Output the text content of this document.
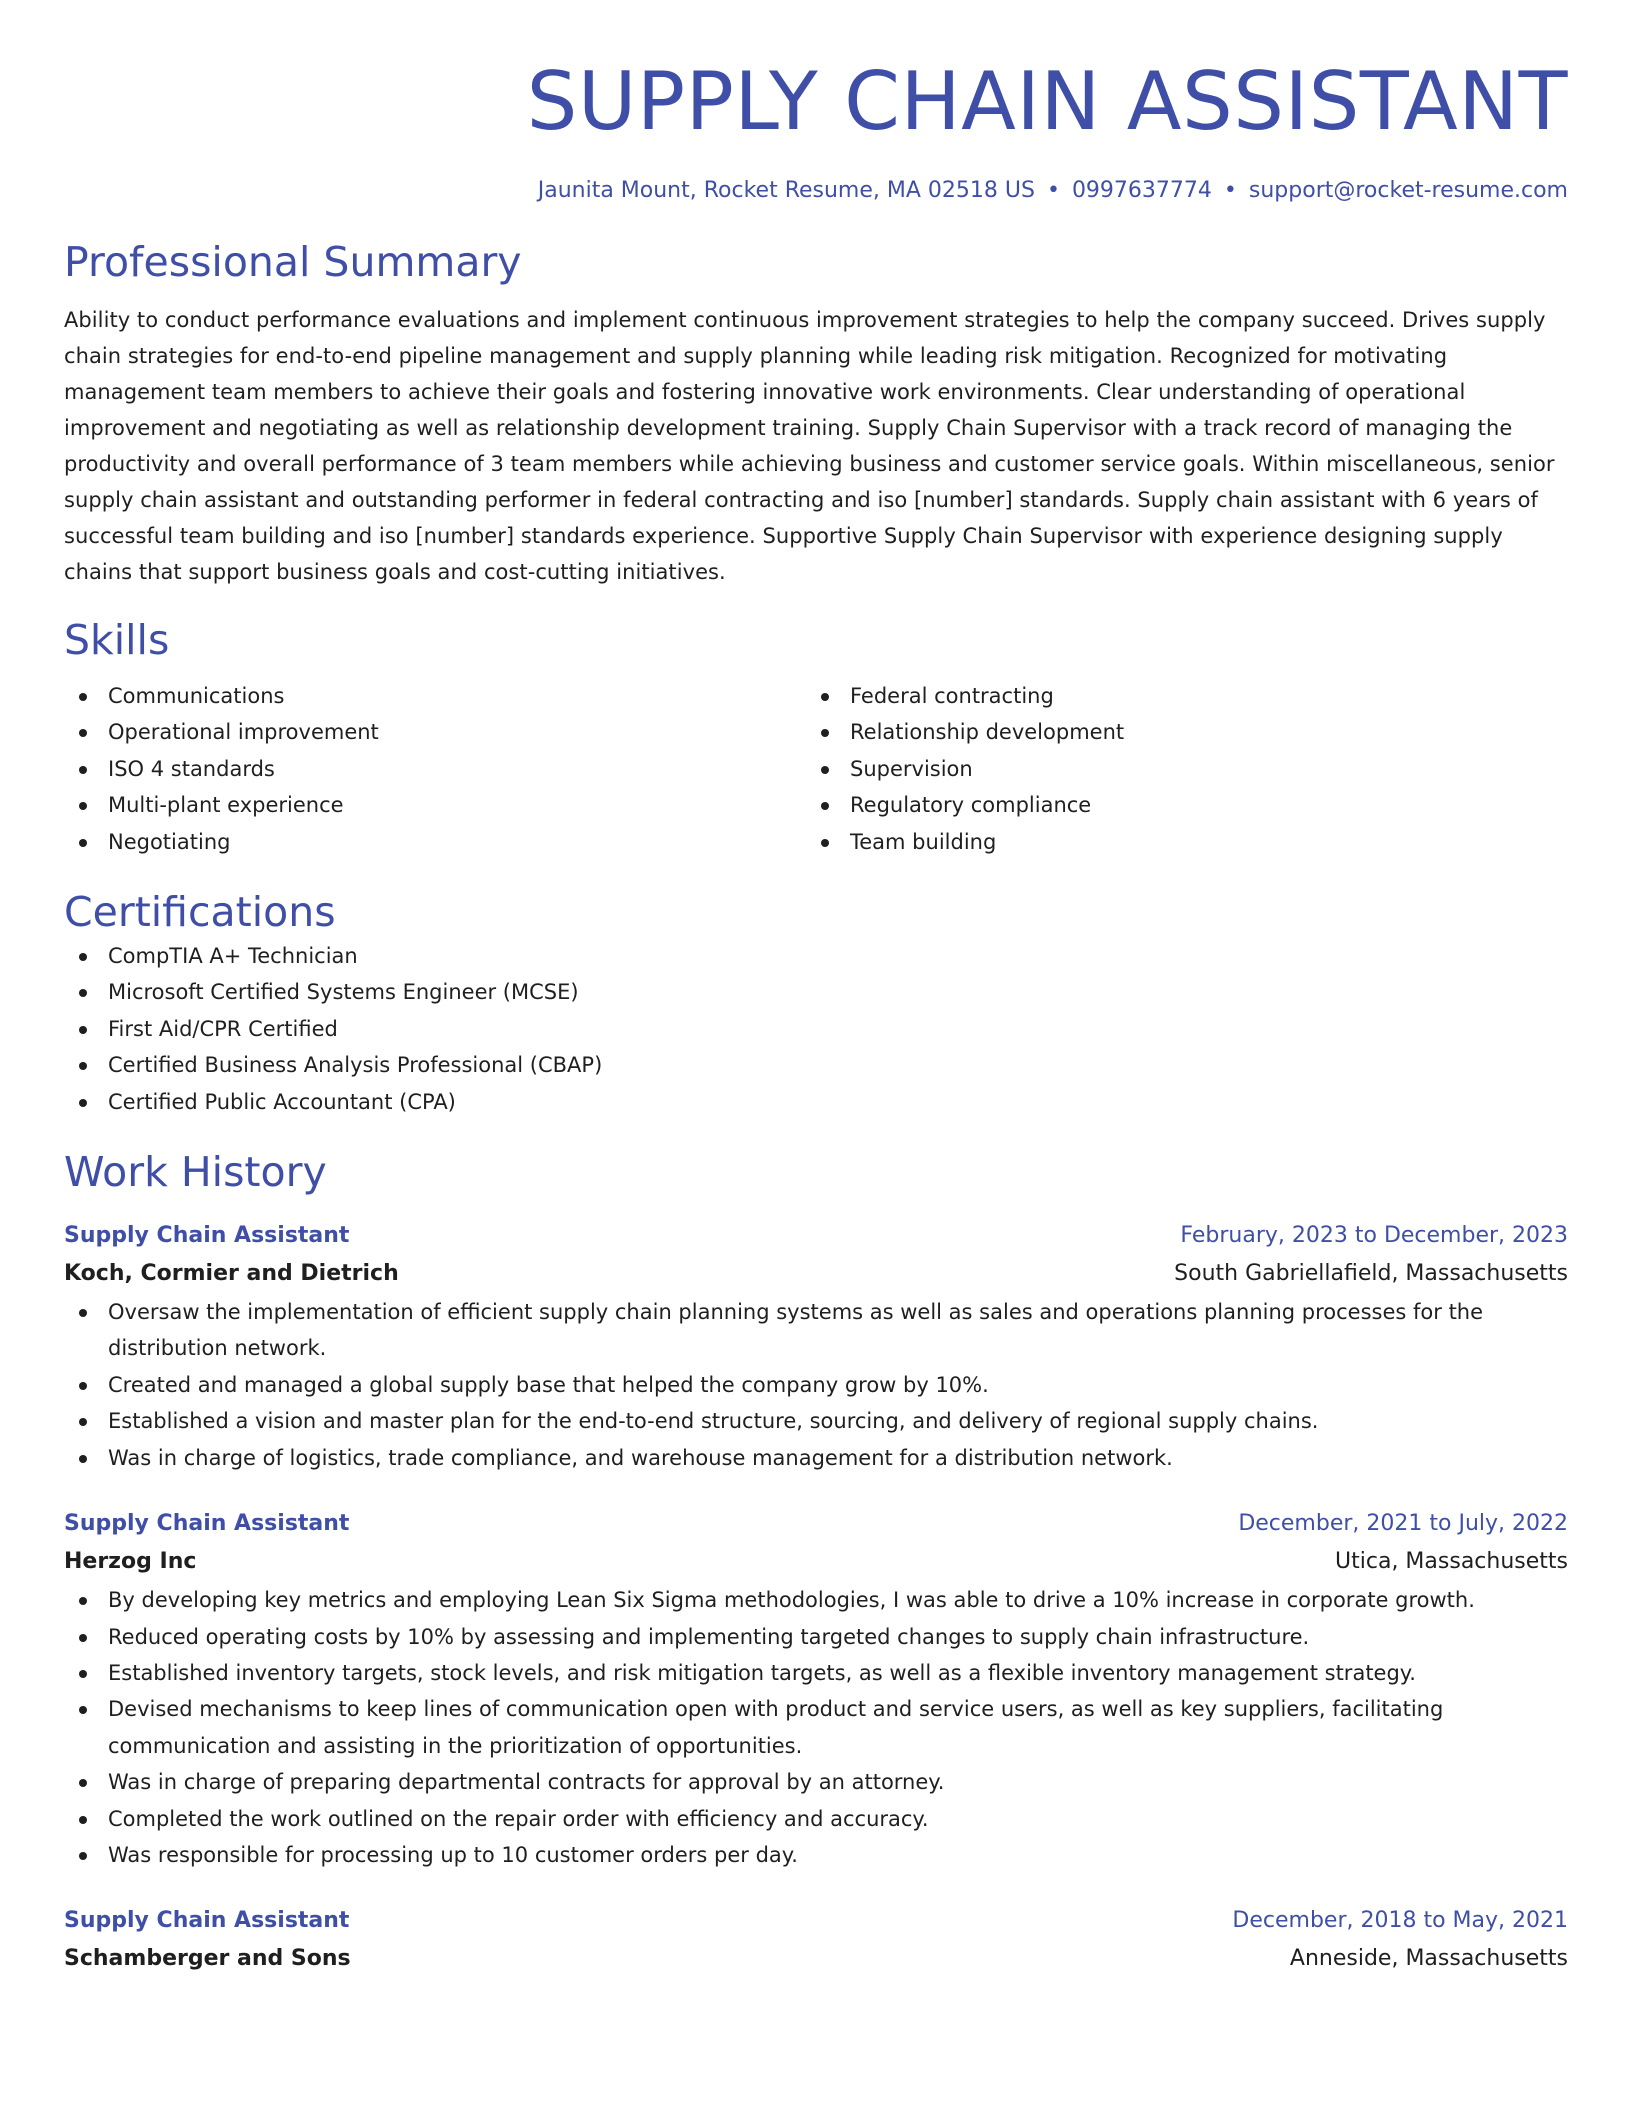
SUPPLY CHAIN ASSISTANT
Jaunita Mount, Rocket Resume, MA 02518 US • 0997637774 • support@rocket-resume.com
Professional Summary
Ability to conduct performance evaluations and implement continuous improvement strategies to help the company succeed. Drives supply chain strategies for end-to-end pipeline management and supply planning while leading risk mitigation. Recognized for motivating management team members to achieve their goals and fostering innovative work environments. Clear understanding of operational improvement and negotiating as well as relationship development training. Supply Chain Supervisor with a track record of managing the productivity and overall performance of 3 team members while achieving business and customer service goals. Within miscellaneous, senior supply chain assistant and outstanding performer in federal contracting and iso [number] standards. Supply chain assistant with 6 years of successful team building and iso [number] standards experience. Supportive Supply Chain Supervisor with experience designing supply chains that support business goals and cost-cutting initiatives.
Skills
Communications
Operational improvement
ISO 4 standards
Multi-plant experience
Negotiating
Federal contracting
Relationship development
Supervision
Regulatory compliance
Team building
Certifications
CompTIA A+ Technician
Microsoft Certified Systems Engineer (MCSE)
First Aid/CPR Certified
Certified Business Analysis Professional (CBAP)
Certified Public Accountant (CPA)
Work History
Supply Chain Assistant	February, 2023 to December, 2023
Koch, Cormier and Dietrich	South Gabriellafield, Massachusetts
Oversaw the implementation of efficient supply chain planning systems as well as sales and operations planning processes for the distribution network.
Created and managed a global supply base that helped the company grow by 10%.
Established a vision and master plan for the end-to-end structure, sourcing, and delivery of regional supply chains.
Was in charge of logistics, trade compliance, and warehouse management for a distribution network.
Supply Chain Assistant	December, 2021 to July, 2022
Herzog Inc	Utica, Massachusetts
By developing key metrics and employing Lean Six Sigma methodologies, I was able to drive a 10% increase in corporate growth.
Reduced operating costs by 10% by assessing and implementing targeted changes to supply chain infrastructure.
Established inventory targets, stock levels, and risk mitigation targets, as well as a flexible inventory management strategy.
Devised mechanisms to keep lines of communication open with product and service users, as well as key suppliers, facilitating communication and assisting in the prioritization of opportunities.
Was in charge of preparing departmental contracts for approval by an attorney.
Completed the work outlined on the repair order with efficiency and accuracy.
Was responsible for processing up to 10 customer orders per day.
Supply Chain Assistant	December, 2018 to May, 2021
Schamberger and Sons	Anneside, Massachusetts
